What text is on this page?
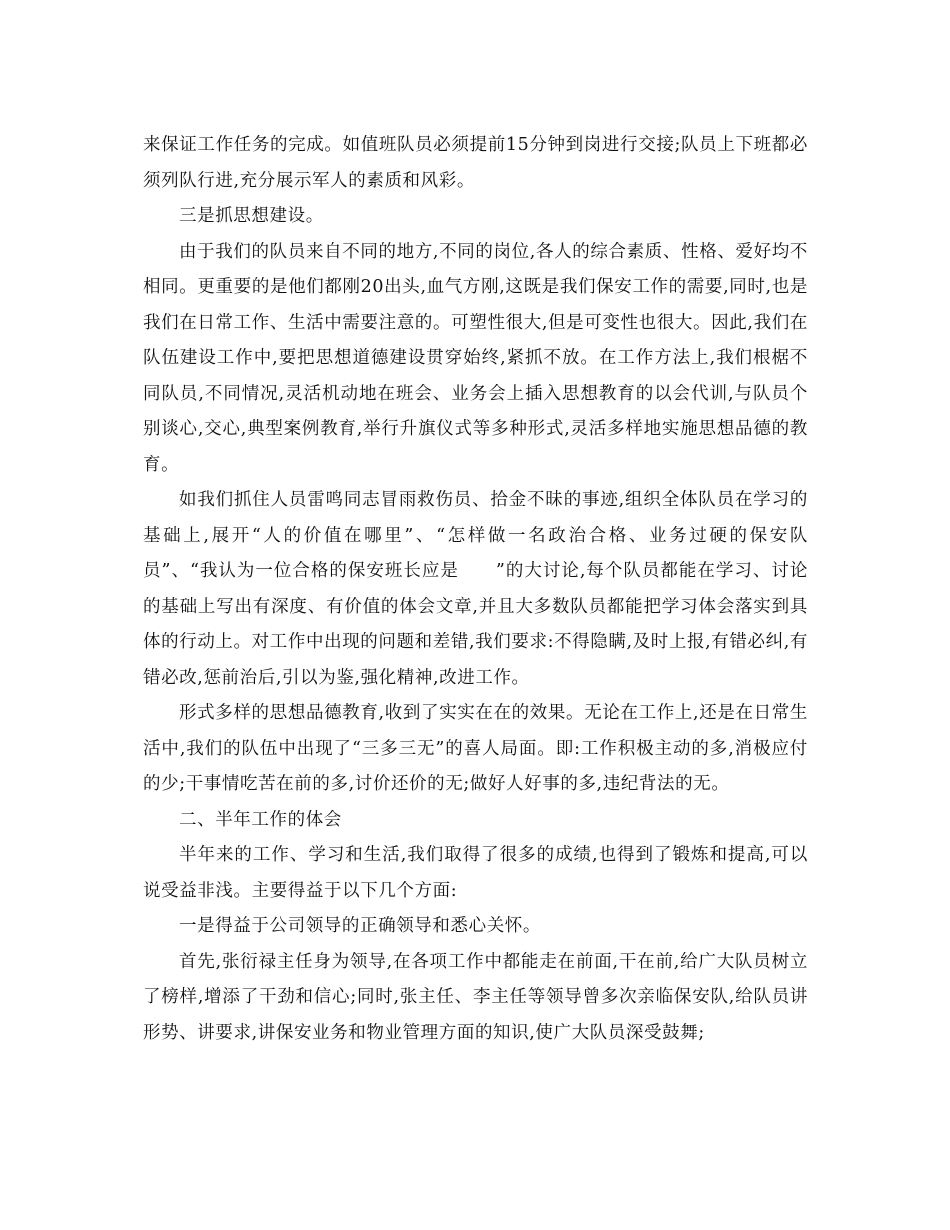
来保证工作任务的完成。如值班队员必须提前15分钟到岗进行交接;队员上下班都必须列队行进,充分展示军人的素质和风彩。

三是抓思想建设。

由于我们的队员来自不同的地方,不同的岗位,各人的综合素质、性格、爱好均不相同。更重要的是他们都刚20出头,血气方刚,这既是我们保安工作的需要,同时,也是我们在日常工作、生活中需要注意的。可塑性很大,但是可变性也很大。因此,我们在队伍建设工作中,要把思想道德建设贯穿始终,紧抓不放。在工作方法上,我们根椐不同队员,不同情况,灵活机动地在班会、业务会上插入思想教育的以会代训,与队员个别谈心,交心,典型案例教育,举行升旗仪式等多种形式,灵活多样地实施思想品德的教育。

如我们抓住人员雷鸣同志冒雨救伤员、拾金不昧的事迹,组织全体队员在学习的基础上,展开“人的价值在哪里”、“怎样做一名政治合格、业务过硬的保安队员”、“我认为一位合格的保安班长应是　　”的大讨论,每个队员都能在学习、讨论的基础上写出有深度、有价值的体会文章,并且大多数队员都能把学习体会落实到具体的行动上。对工作中出现的问题和差错,我们要求:不得隐瞒,及时上报,有错必纠,有错必改,惩前治后,引以为鉴,强化精神,改进工作。

形式多样的思想品德教育,收到了实实在在的效果。无论在工作上,还是在日常生活中,我们的队伍中出现了“三多三无”的喜人局面。即:工作积极主动的多,消极应付的少;干事情吃苦在前的多,讨价还价的无;做好人好事的多,违纪背法的无。

二、半年工作的体会

半年来的工作、学习和生活,我们取得了很多的成绩,也得到了锻炼和提高,可以说受益非浅。主要得益于以下几个方面:

一是得益于公司领导的正确领导和悉心关怀。

首先,张衍禄主任身为领导,在各项工作中都能走在前面,干在前,给广大队员树立了榜样,增添了干劲和信心;同时,张主任、李主任等领导曾多次亲临保安队,给队员讲形势、讲要求,讲保安业务和物业管理方面的知识,使广大队员深受鼓舞;
